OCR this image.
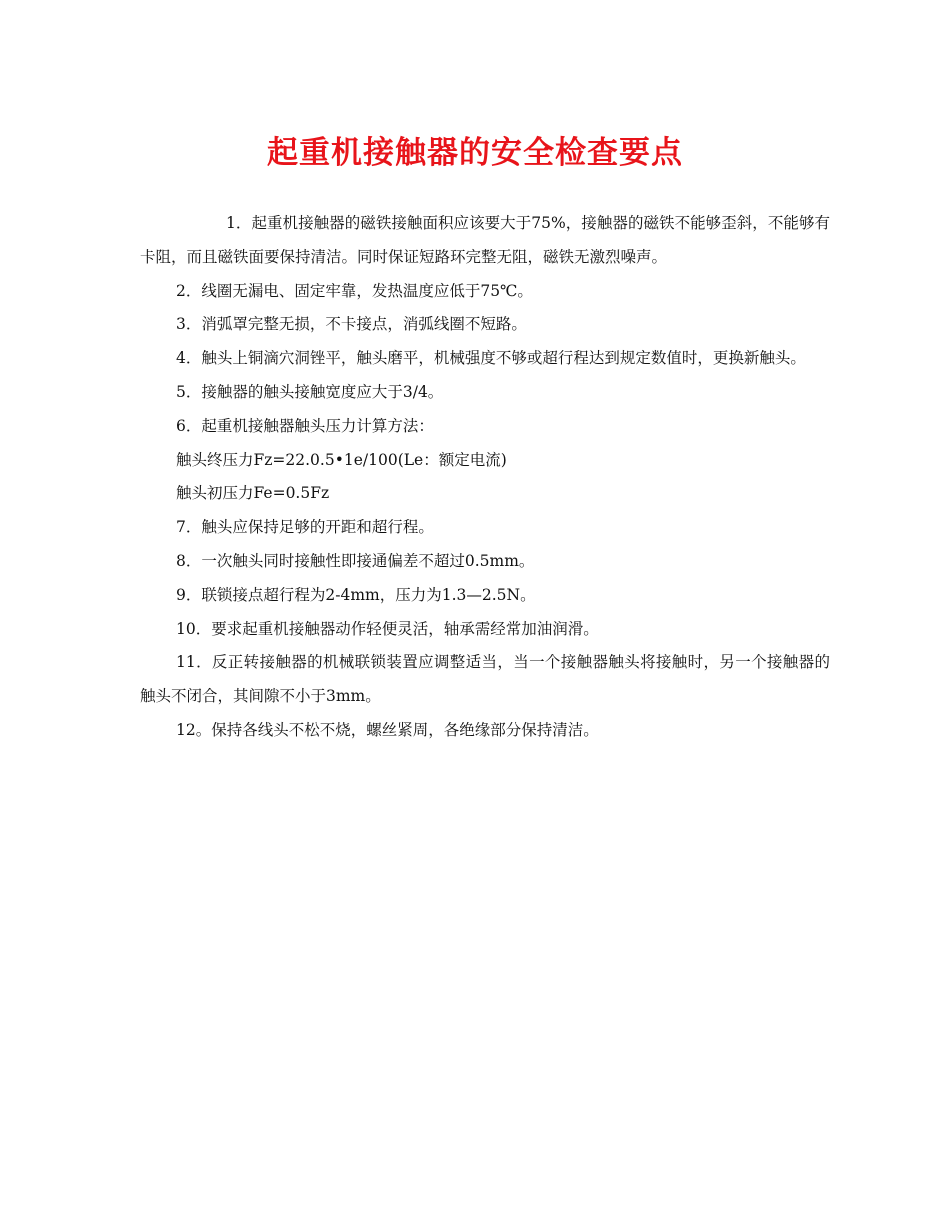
起重机接触器的安全检查要点

1．起重机接触器的磁铁接触面积应该要大于75%，接触器的磁铁不能够歪斜，不能够有卡阻，而且磁铁面要保持清洁。同时保证短路环完整无阻，磁铁无激烈噪声。

2．线圈无漏电、固定牢靠，发热温度应低于75℃。

3．消弧罩完整无损，不卡接点，消弧线圈不短路。

4．触头上铜滴穴洞锉平，触头磨平，机械强度不够或超行程达到规定数值时，更换新触头。

5．接触器的触头接触宽度应大于3/4。

6．起重机接触器触头压力计算方法：

触头终压力Fz=22.0.5•1e/100(Le：额定电流)

触头初压力Fe=0.5Fz

7．触头应保持足够的开距和超行程。

8．一次触头同时接触性即接通偏差不超过0.5mm。

9．联锁接点超行程为2-4mm，压力为1.3—2.5N。

10．要求起重机接触器动作轻便灵活，轴承需经常加油润滑。

11．反正转接触器的机械联锁装置应调整适当，当一个接触器触头将接触时，另一个接触器的触头不闭合，其间隙不小于3mm。

12。保持各线头不松不烧，螺丝紧周，各绝缘部分保持清洁。
